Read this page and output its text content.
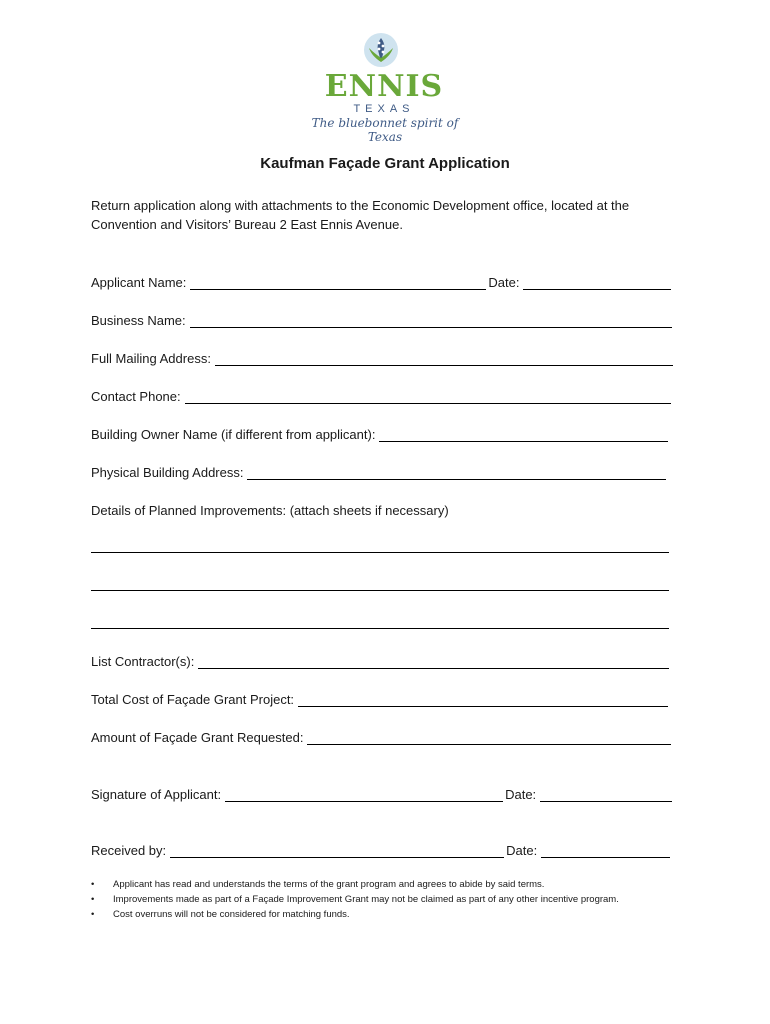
ENNIS
TEXAS
The bluebonnet spirit of Texas
Kaufman Façade Grant Application
Return application along with attachments to the Economic Development office, located at the Convention and Visitors’ Bureau 2 East Ennis Avenue.
Applicant Name:	Date:
Business Name:
Full Mailing Address:
Contact Phone:
Building Owner Name (if different from applicant):
Physical Building Address:
Details of Planned Improvements: (attach sheets if necessary)
List Contractor(s):
Total Cost of Façade Grant Project:
Amount of Façade Grant Requested:
Signature of Applicant:	Date:
Received by:	Date:
• Applicant has read and understands the terms of the grant program and agrees to abide by said terms.
• Improvements made as part of a Façade Improvement Grant may not be claimed as part of any other incentive program.
• Cost overruns will not be considered for matching funds.
